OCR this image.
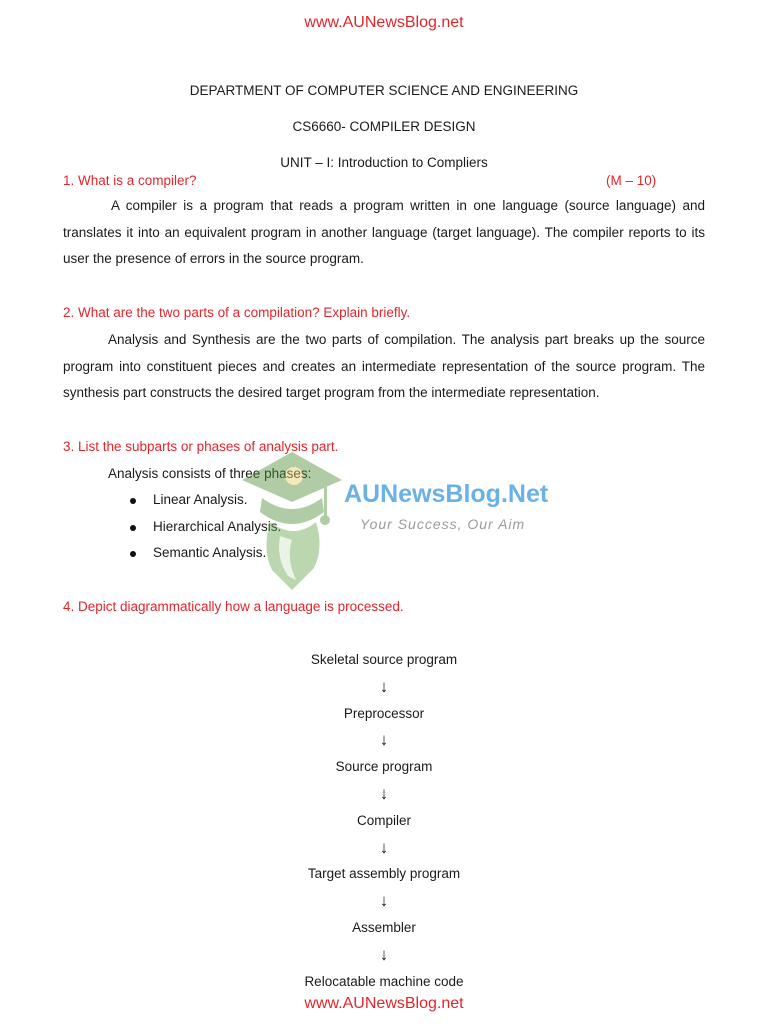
www.AUNewsBlog.net
DEPARTMENT OF COMPUTER SCIENCE AND ENGINEERING
CS6660- COMPILER DESIGN
UNIT – I: Introduction to Compliers
1. What is a compiler?	(M – 10)
A compiler is a program that reads a program written in one language (source language) and translates it into an equivalent program in another language (target language). The compiler reports to its user the presence of errors in the source program.
2. What are the two parts of a compilation? Explain briefly.
Analysis and Synthesis are the two parts of compilation. The analysis part breaks up the source program into constituent pieces and creates an intermediate representation of the source program. The synthesis part constructs the desired target program from the intermediate representation.
3. List the subparts or phases of analysis part.
Analysis consists of three phases:
Linear Analysis.
Hierarchical Analysis.
Semantic Analysis.
AUNewsBlog.Net
Your Success, Our Aim
4. Depict diagrammatically how a language is processed.
Skeletal source program
↓
Preprocessor
↓
Source program
↓
Compiler
↓
Target assembly program
↓
Assembler
↓
Relocatable machine code
www.AUNewsBlog.net
